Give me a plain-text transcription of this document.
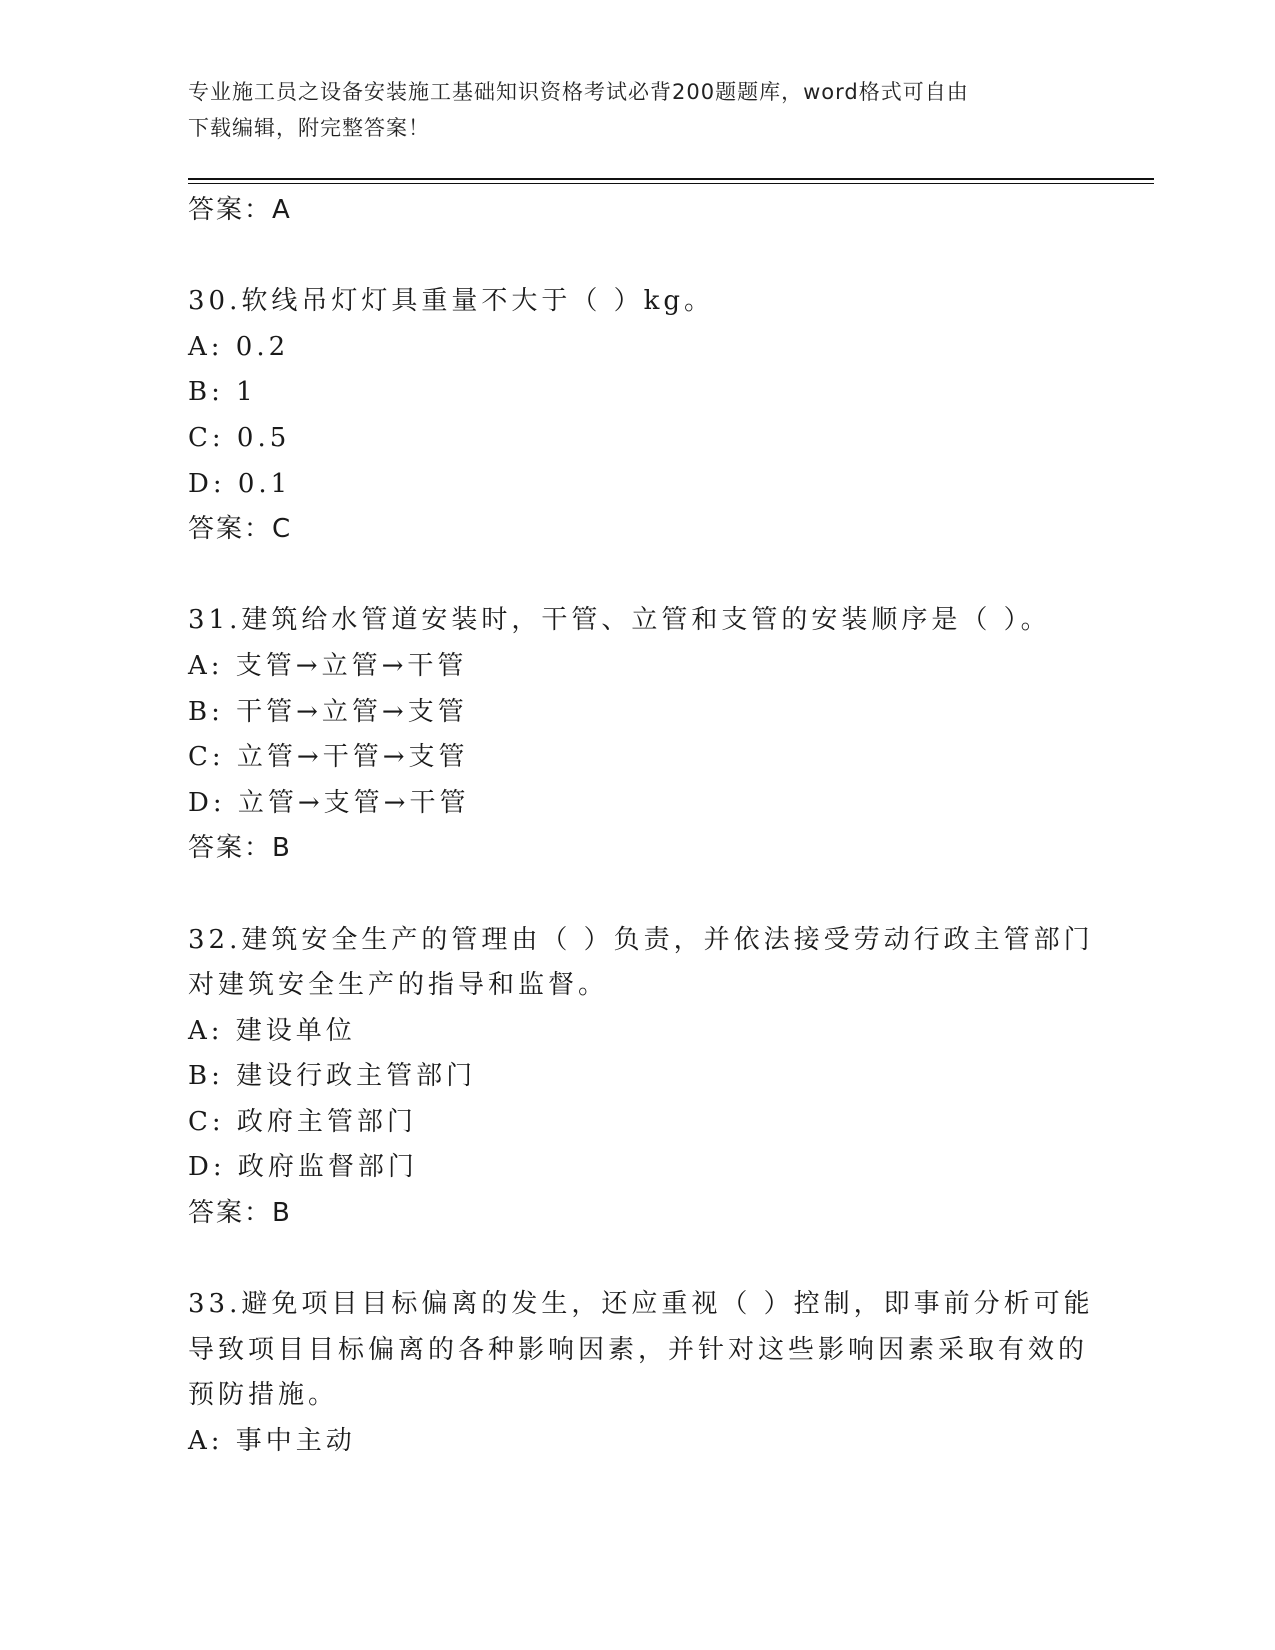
专业施工员之设备安装施工基础知识资格考试必背200题题库，word格式可自由
下载编辑，附完整答案！
答案：A
30.软线吊灯灯具重量不大于（ ）kg。
A: 0.2
B: 1
C: 0.5
D: 0.1
答案：C
31.建筑给水管道安装时，干管、立管和支管的安装顺序是（ ）。
A: 支管→立管→干管
B: 干管→立管→支管
C: 立管→干管→支管
D: 立管→支管→干管
答案：B
32.建筑安全生产的管理由（ ）负责，并依法接受劳动行政主管部门
对建筑安全生产的指导和监督。
A: 建设单位
B: 建设行政主管部门
C: 政府主管部门
D: 政府监督部门
答案：B
33.避免项目目标偏离的发生，还应重视（ ）控制，即事前分析可能
导致项目目标偏离的各种影响因素，并针对这些影响因素采取有效的
预防措施。
A: 事中主动
